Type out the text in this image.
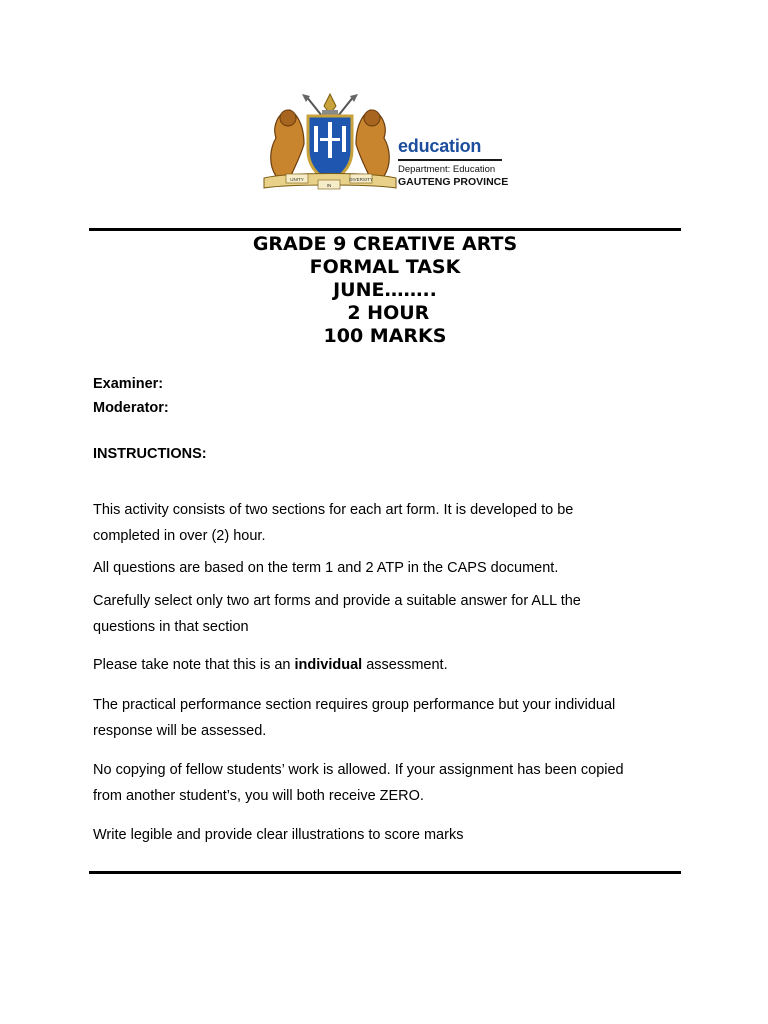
UNITY
IN
DIVERSITY
education
Department: Education
GAUTENG PROVINCE
GRADE 9 CREATIVE ARTS
FORMAL TASK
JUNE……..
2 HOUR
100 MARKS
Examiner:
Moderator:
INSTRUCTIONS:
This activity consists of two sections for each art form. It is developed to be
completed in over (2) hour.
All questions are based on the term 1 and 2 ATP in the CAPS document.
Carefully select only two art forms and provide a suitable answer for ALL the
questions in that section
Please take note that this is an individual assessment.
The practical performance section requires group performance but your individual
response will be assessed.
No copying of fellow students’ work is allowed. If your assignment has been copied
from another student’s, you will both receive ZERO.
Write legible and provide clear illustrations to score marks
